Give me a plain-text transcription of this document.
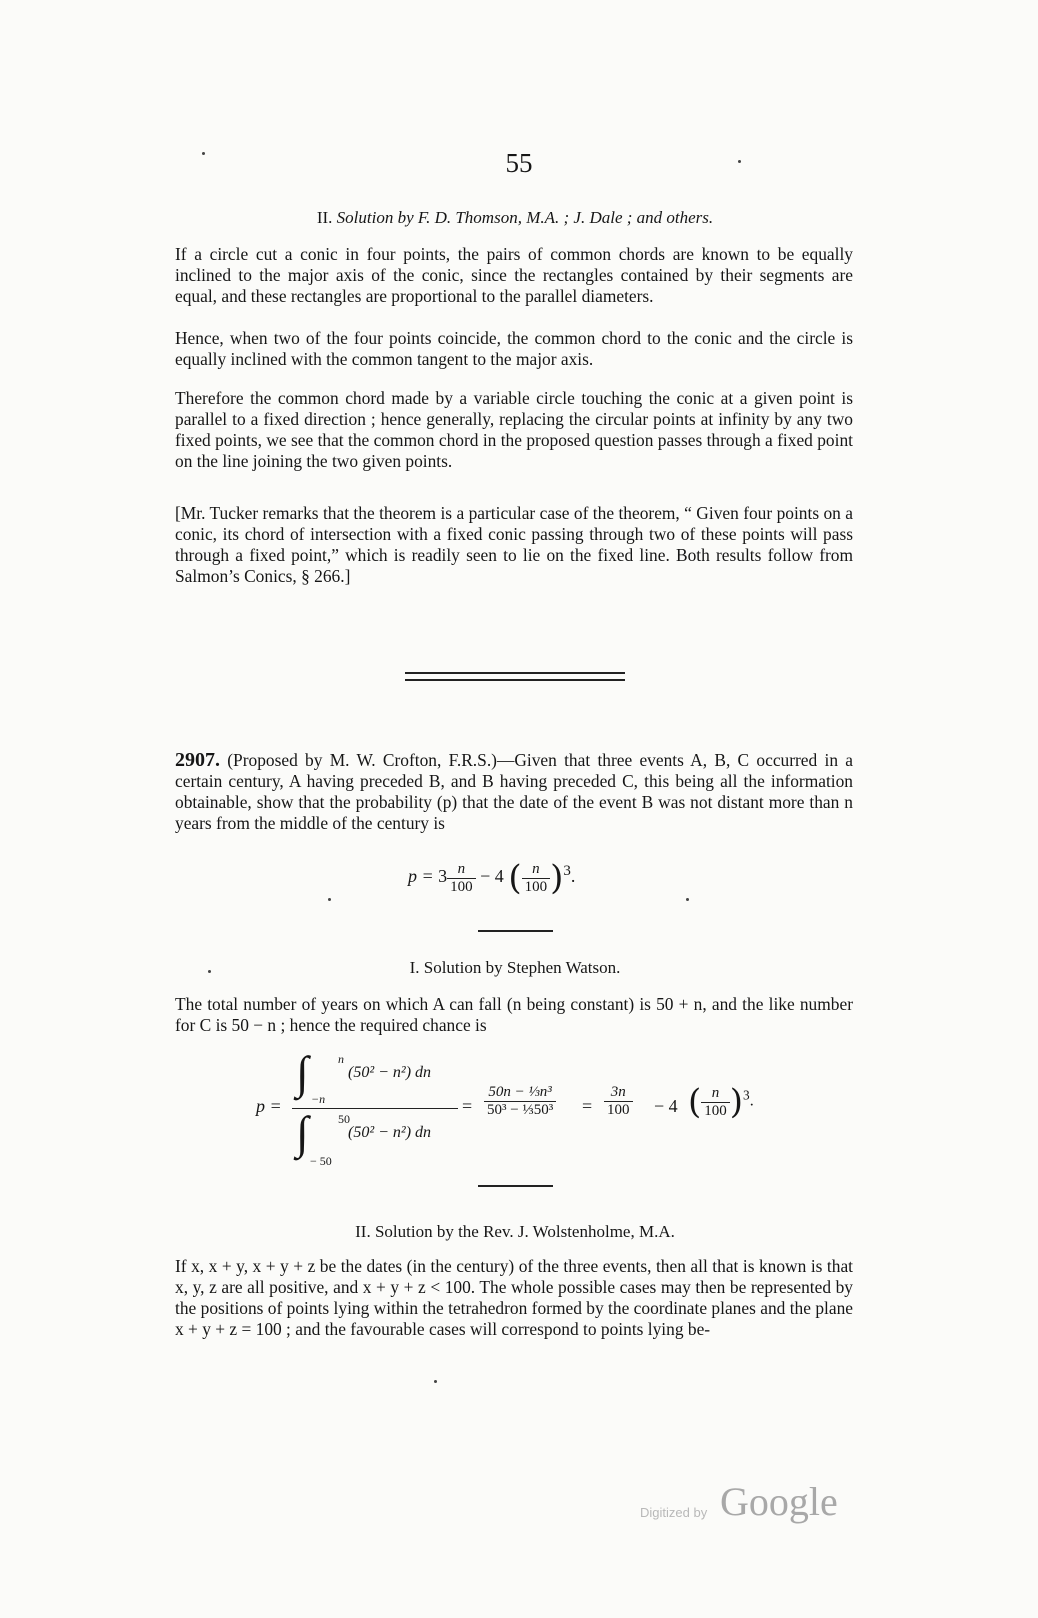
55
II. Solution by F. D. Thomson, M.A. ; J. Dale ; and others.

If a circle cut a conic in four points, the pairs of common chords are known to be equally inclined to the major axis of the conic, since the rectangles contained by their segments are equal, and these rectangles are proportional to the parallel diameters.

Hence, when two of the four points coincide, the common chord to the conic and the circle is equally inclined with the common tangent to the major axis.

Therefore the common chord made by a variable circle touching the conic at a given point is parallel to a fixed direction ; hence generally, replacing the circular points at infinity by any two fixed points, we see that the common chord in the proposed question passes through a fixed point on the line joining the two given points.

[Mr. Tucker remarks that the theorem is a particular case of the theorem, “ Given four points on a conic, its chord of intersection with a fixed conic passing through two of these points will pass through a fixed point,” which is readily seen to lie on the fixed line. Both results follow from Salmon’s Conics, § 266.]

2907. (Proposed by M. W. Crofton, F.R.S.)—Given that three events A, B, C occurred in a certain century, A having preceded B, and B having preceded C, this being all the information obtainable, show that the probability (p) that the date of the event B was not distant more than n years from the middle of the century is

$p = 3 \frac{n}{100} - 4$ ( $\frac{n}{100} )^3$.
I. Solution by Stephen Watson.

The total number of years on which A can fall (n being constant) is 50 + n, and the like number for C is 50 − n ; hence the required chance is

p =
∫ n
−n
(50² − n²) dn
∫ 50
− 50
(50² − n²) dn
= $\frac{\text{50n − ⅓n³}}{\text{50³ − ⅓50³}} = \frac{3n}{100} - 4$ ( $\frac{n}{100} )^3$.
II. Solution by the Rev. J. Wolstenholme, M.A.

If x, x + y, x + y + z be the dates (in the century) of the three events, then all that is known is that x, y, z are all positive, and x + y + z < 100. The whole possible cases may then be represented by the positions of points lying within the tetrahedron formed by the coordinate planes and the plane x + y + z = 100 ; and the favourable cases will correspond to points lying be-

Digitized by Google
